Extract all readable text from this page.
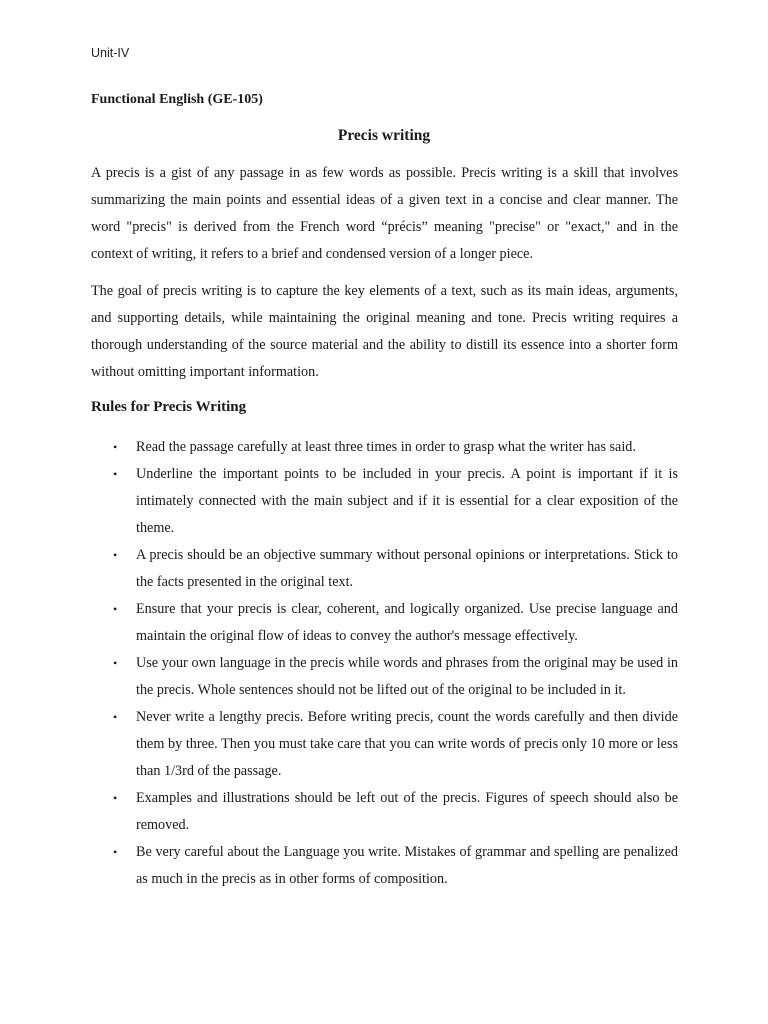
Unit-IV
Functional English (GE-105)
Precis writing

A precis is a gist of any passage in as few words as possible. Precis writing is a skill that involves summarizing the main points and essential ideas of a given text in a concise and clear manner. The word "precis" is derived from the French word “précis” meaning "precise" or "exact," and in the context of writing, it refers to a brief and condensed version of a longer piece.

The goal of precis writing is to capture the key elements of a text, such as its main ideas, arguments, and supporting details, while maintaining the original meaning and tone. Precis writing requires a thorough understanding of the source material and the ability to distill its essence into a shorter form without omitting important information.

Rules for Precis Writing
• Read the passage carefully at least three times in order to grasp what the writer has said.
• Underline the important points to be included in your precis. A point is important if it is intimately connected with the main subject and if it is essential for a clear exposition of the theme.
• A precis should be an objective summary without personal opinions or interpretations. Stick to the facts presented in the original text.
• Ensure that your precis is clear, coherent, and logically organized. Use precise language and maintain the original flow of ideas to convey the author's message effectively.
• Use your own language in the precis while words and phrases from the original may be used in the precis. Whole sentences should not be lifted out of the original to be included in it.
• Never write a lengthy precis. Before writing precis, count the words carefully and then divide them by three. Then you must take care that you can write words of precis only 10 more or less than 1/3rd of the passage.
• Examples and illustrations should be left out of the precis. Figures of speech should also be removed.
• Be very careful about the Language you write. Mistakes of grammar and spelling are penalized as much in the precis as in other forms of composition.
